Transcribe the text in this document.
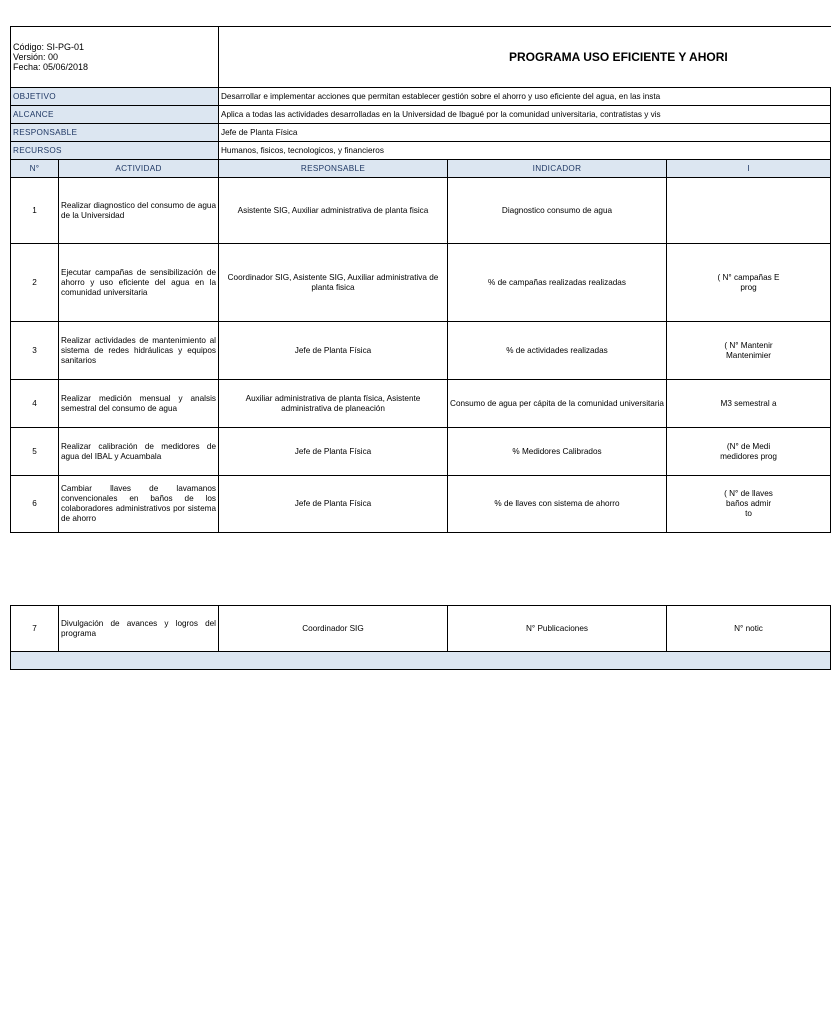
Código: SI-PG-01
Versión: 00
Fecha: 05/06/2018		PROGRAMA USO EFICIENTE Y AHORI		
OBJETIVO		Desarrollar e implementar acciones que permitan establecer gestión sobre el ahorro y uso eficiente del agua, en las insta		
ALCANCE		Aplica a todas las actividades desarrolladas en la Universidad de Ibagué por la comunidad universitaria, contratistas y vis		
RESPONSABLE		Jefe de Planta Física		
RECURSOS		Humanos, fisicos, tecnologicos, y financieros		
N°	ACTIVIDAD	RESPONSABLE	INDICADOR	I
1	Realizar diagnostico del consumo de agua de la Universidad	Asistente SIG, Auxiliar administrativa de planta fisica	Diagnostico consumo de agua	
2	Ejecutar campañas de sensibilización de ahorro y uso eficiente del agua en la comunidad universitaria	Coordinador SIG, Asistente SIG, Auxiliar administrativa de planta fisica	% de campañas realizadas realizadas	( N° campañas E
prog
3	Realizar actividades de mantenimiento al sistema de redes hidráulicas y equipos sanitarios	Jefe de Planta Física	% de actividades realizadas	( N° Mantenir
Mantenimier
4	Realizar medición mensual y analsis semestral del consumo de agua	Auxiliar administrativa de planta física, Asistente administrativa de planeación	Consumo de agua per cápita de la comunidad universitaria	M3 semestral a
5	Realizar calibración de medidores de agua del IBAL y Acuambala	Jefe de Planta Física	% Medidores Calibrados	(N° de Medi
medidores prog
6	Cambiar llaves de lavamanos convencionales en baños de los colaboradores administrativos por sistema de ahorro	Jefe de Planta Física	% de llaves con sistema de ahorro	( N° de llaves
baños admir
to

7	Divulgación de avances y logros del programa	Coordinador SIG	N° Publicaciones	N° notic
